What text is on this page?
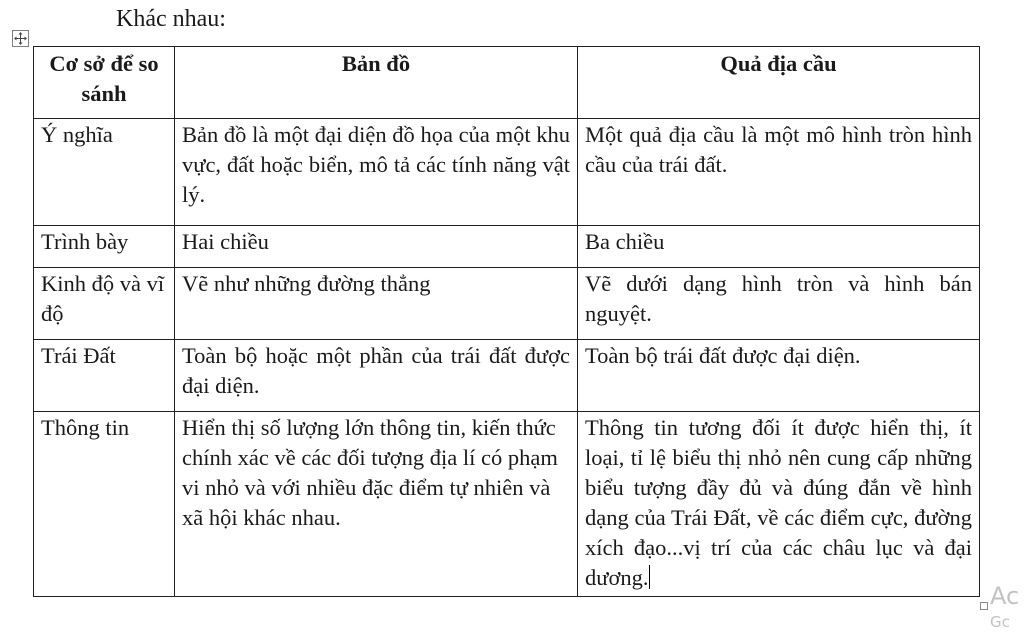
Khác nhau:
Cơ sở để so sánh	Bản đồ	Quả địa cầu
Ý nghĩa	Bản đồ là một đại diện đồ họa của một khu vực, đất hoặc biển, mô tả các tính năng vật lý.	Một quả địa cầu là một mô hình tròn hình cầu của trái đất.
Trình bày	Hai chiều	Ba chiều
Kinh độ và vĩ độ	Vẽ như những đường thẳng	Vẽ dưới dạng hình tròn và hình bán nguyệt.
Trái Đất	Toàn bộ hoặc một phần của trái đất được đại diện.	Toàn bộ trái đất được đại diện.
Thông tin	Hiển thị số lượng lớn thông tin, kiến thức chính xác về các đối tượng địa lí có phạm vi nhỏ và với nhiều đặc điểm tự nhiên và xã hội khác nhau.	Thông tin tương đối ít được hiển thị, ít loại, tỉ lệ biểu thị nhỏ nên cung cấp những biểu tượng đầy đủ và đúng đắn về hình dạng của Trái Đất, về các điểm cực, đường xích đạo...vị trí của các châu lục và đại dương.
Ac
Gc
